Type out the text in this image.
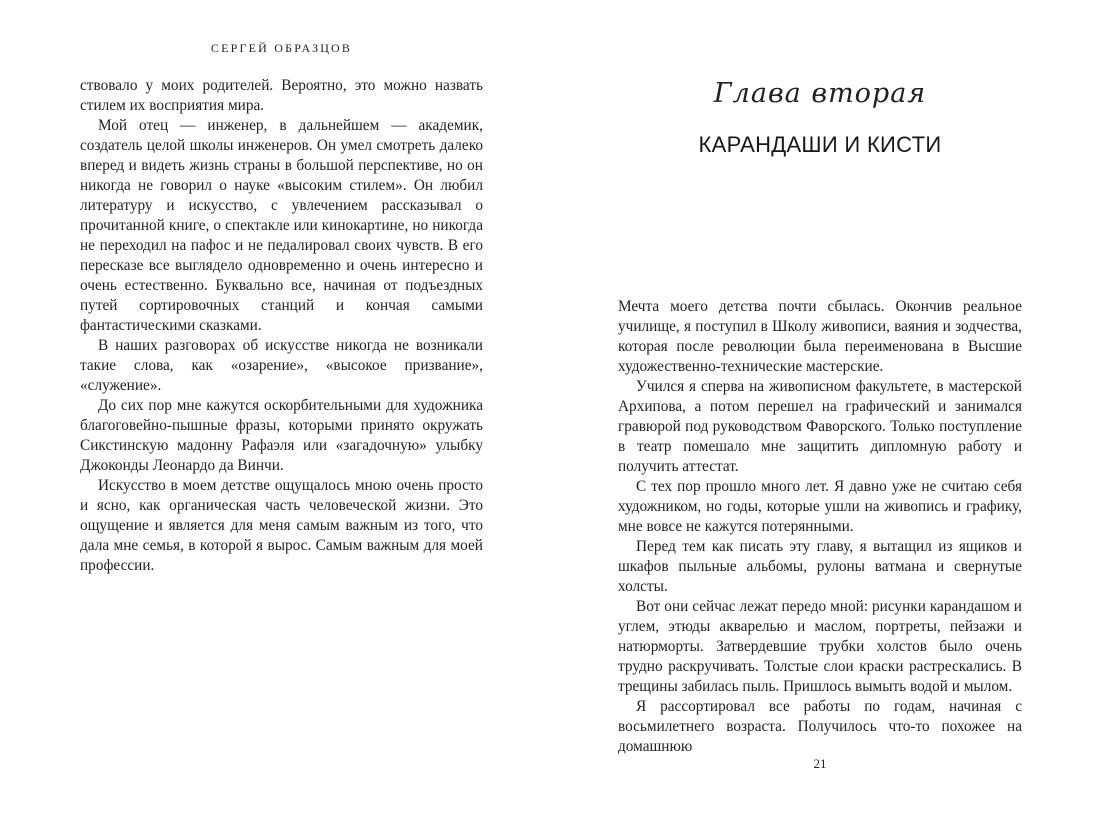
СЕРГЕЙ ОБРАЗЦОВ

ствовало у моих родителей. Вероятно, это можно назвать стилем их восприятия мира.

Мой отец — инженер, в дальнейшем — академик, создатель целой школы инженеров. Он умел смотреть далеко вперед и видеть жизнь страны в большой перспективе, но он никогда не говорил о науке «высоким стилем». Он любил литературу и искусство, с увлечением рассказывал о прочитанной книге, о спектакле или кинокартине, но никогда не переходил на пафос и не педалировал своих чувств. В его пересказе все выглядело одновременно и очень интересно и очень естественно. Буквально все, начиная от подъездных путей сортировочных станций и кончая самыми фантастическими сказками.

В наших разговорах об искусстве никогда не возникали такие слова, как «озарение», «высокое призвание», «служение».

До сих пор мне кажутся оскорбительными для художника благоговейно-пышные фразы, которыми принято окружать Сикстинскую мадонну Рафаэля или «загадочную» улыбку Джоконды Леонардо да Винчи.

Искусство в моем детстве ощущалось мною очень просто и ясно, как органическая часть человеческой жизни. Это ощущение и является для меня самым важным из того, что дала мне семья, в которой я вырос. Самым важным для моей профессии.

Глава вторая
КАРАНДАШИ И КИСТИ

Мечта моего детства почти сбылась. Окончив реальное училище, я поступил в Школу живописи, ваяния и зодчества, которая после революции была переименована в Высшие художественно-технические мастерские.

Учился я сперва на живописном факультете, в мастерской Архипова, а потом перешел на графический и занимался гравюрой под руководством Фаворского. Только поступление в театр помешало мне защитить дипломную работу и получить аттестат.

С тех пор прошло много лет. Я давно уже не считаю себя художником, но годы, которые ушли на живопись и графику, мне вовсе не кажутся потерянными.

Перед тем как писать эту главу, я вытащил из ящиков и шкафов пыльные альбомы, рулоны ватмана и свернутые холсты.

Вот они сейчас лежат передо мной: рисунки карандашом и углем, этюды акварелью и маслом, портреты, пейзажи и натюрморты. Затвердевшие трубки холстов было очень трудно раскручивать. Толстые слои краски растрескались. В трещины забилась пыль. Пришлось вымыть водой и мылом.

Я рассортировал все работы по годам, начиная с восьмилетнего возраста. Получилось что-то похожее на домашнюю

21
